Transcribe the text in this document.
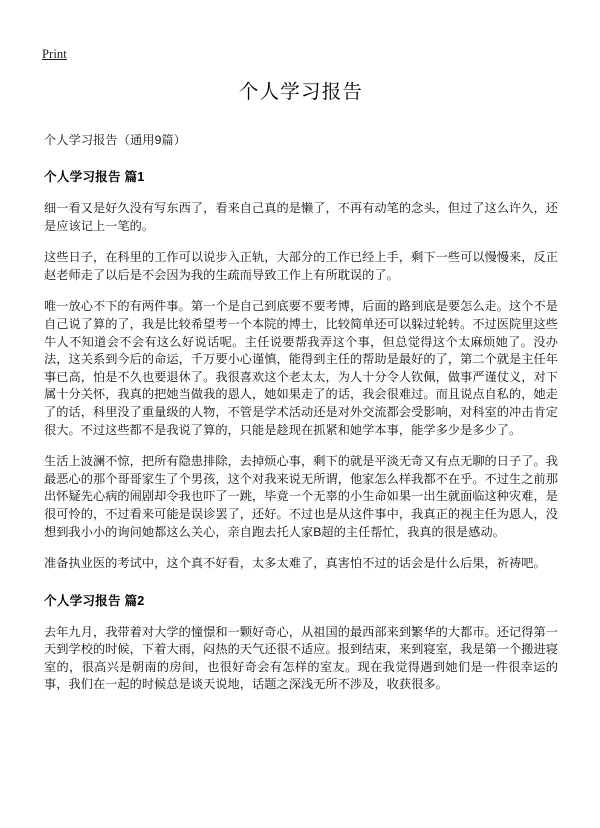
Print
个人学习报告
个人学习报告（通用9篇）
个人学习报告 篇1

细一看又是好久没有写东西了，看来自己真的是懒了，不再有动笔的念头，但过了这么许久，还是应该记上一笔的。

这些日子，在科里的工作可以说步入正轨，大部分的工作已经上手，剩下一些可以慢慢来，反正赵老师走了以后是不会因为我的生疏而导致工作上有所耽误的了。

唯一放心不下的有两件事。第一个是自己到底要不要考博，后面的路到底是要怎么走。这个不是自己说了算的了，我是比较希望考一个本院的博士，比较简单还可以躲过轮转。不过医院里这些牛人不知道会不会有这么好说话呢。主任说要帮我弄这个事，但总觉得这个太麻烦她了。没办法，这关系到今后的命运，千万要小心谨慎，能得到主任的帮助是最好的了，第二个就是主任年事已高，怕是不久也要退休了。我很喜欢这个老太太，为人十分令人钦佩，做事严谨仗义，对下属十分关怀，我真的把她当做我的恩人，她如果走了的话，我会很难过。而且说点自私的，她走了的话，科里没了重量级的人物，不管是学术活动还是对外交流都会受影响，对科室的冲击肯定很大。不过这些都不是我说了算的，只能是趁现在抓紧和她学本事，能学多少是多少了。

生活上波澜不惊，把所有隐患排除，去掉烦心事，剩下的就是平淡无奇又有点无聊的日子了。我最恶心的那个哥哥家生了个男孩，这个对我来说无所谓，他家怎么样我都不在乎。不过生之前那出怀疑先心病的闹剧却令我也吓了一跳，毕竟一个无辜的小生命如果一出生就面临这种灾难，是很可怜的，不过看来可能是误诊罢了，还好。不过也是从这件事中，我真正的视主任为恩人，没想到我小小的询问她都这么关心，亲自跑去托人家B超的主任帮忙，我真的很是感动。

准备执业医的考试中，这个真不好看，太多太难了，真害怕不过的话会是什么后果，祈祷吧。

个人学习报告 篇2

去年九月，我带着对大学的憧憬和一颗好奇心，从祖国的最西部来到繁华的大都市。还记得第一天到学校的时候，下着大雨，闷热的天气还很不适应。报到结束，来到寝室，我是第一个搬进寝室的，很高兴是朝南的房间，也很好奇会有怎样的室友。现在我觉得遇到她们是一件很幸运的事，我们在一起的时候总是谈天说地，话题之深浅无所不涉及，收获很多。
